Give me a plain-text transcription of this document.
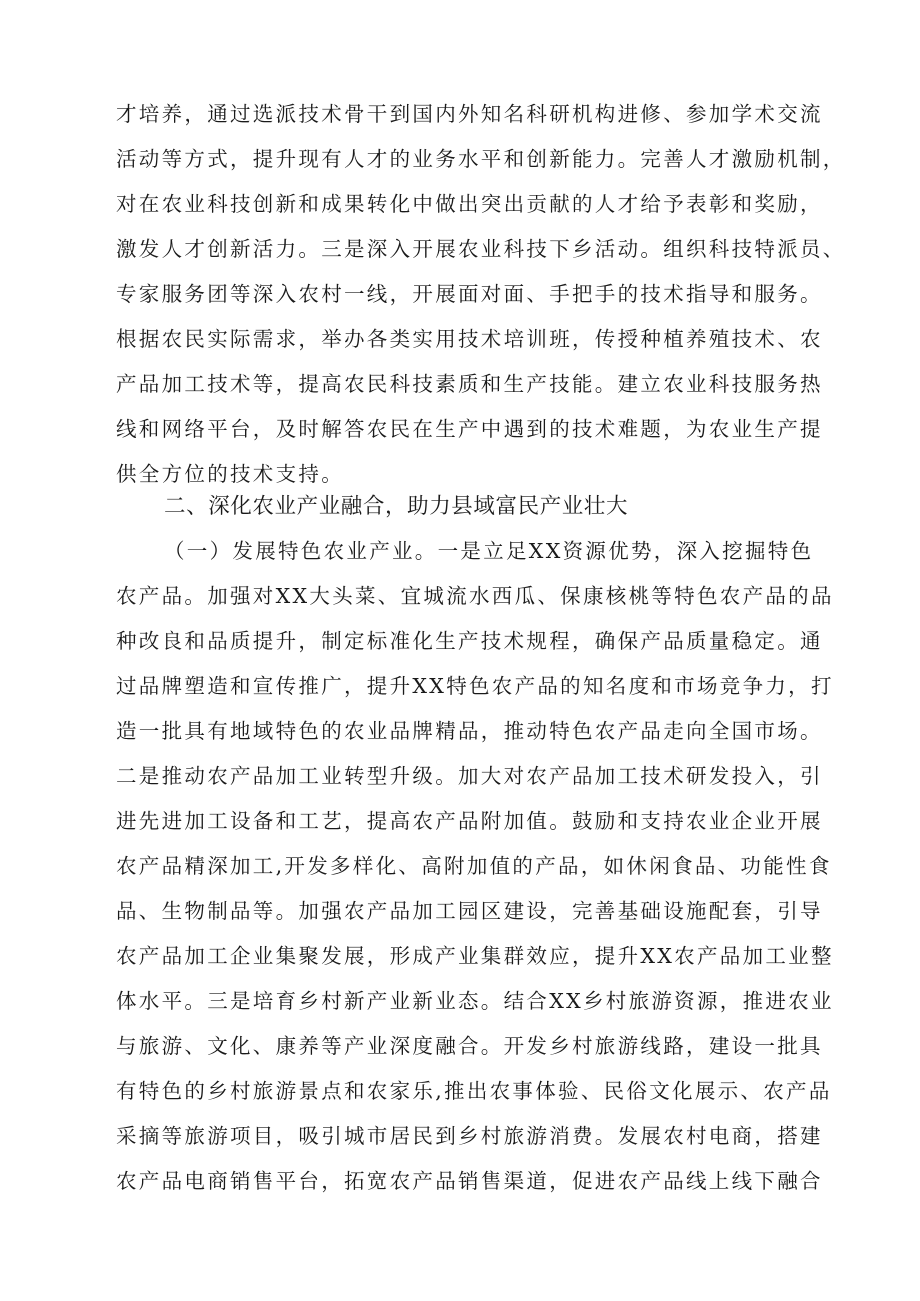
才培养，通过选派技术骨干到国内外知名科研机构进修、参加学术交流
活动等方式，提升现有人才的业务水平和创新能力。完善人才激励机制，
对在农业科技创新和成果转化中做出突出贡献的人才给予表彰和奖励，
激发人才创新活力。三是深入开展农业科技下乡活动。组织科技特派员、
专家服务团等深入农村一线，开展面对面、手把手的技术指导和服务。
根据农民实际需求，举办各类实用技术培训班，传授种植养殖技术、农
产品加工技术等，提高农民科技素质和生产技能。建立农业科技服务热
线和网络平台，及时解答农民在生产中遇到的技术难题，为农业生产提
供全方位的技术支持。
二、深化农业产业融合，助力县域富民产业壮大
（一）发展特色农业产业。一是立足XX资源优势，深入挖掘特色
农产品。加强对XX大头菜、宜城流水西瓜、保康核桃等特色农产品的品
种改良和品质提升，制定标准化生产技术规程，确保产品质量稳定。通
过品牌塑造和宣传推广，提升XX特色农产品的知名度和市场竞争力，打
造一批具有地域特色的农业品牌精品，推动特色农产品走向全国市场。
二是推动农产品加工业转型升级。加大对农产品加工技术研发投入，引
进先进加工设备和工艺，提高农产品附加值。鼓励和支持农业企业开展
农产品精深加工,开发多样化、高附加值的产品，如休闲食品、功能性食
品、生物制品等。加强农产品加工园区建设，完善基础设施配套，引导
农产品加工企业集聚发展，形成产业集群效应，提升XX农产品加工业整
体水平。三是培育乡村新产业新业态。结合XX乡村旅游资源，推进农业
与旅游、文化、康养等产业深度融合。开发乡村旅游线路，建设一批具
有特色的乡村旅游景点和农家乐,推出农事体验、民俗文化展示、农产品
采摘等旅游项目，吸引城市居民到乡村旅游消费。发展农村电商，搭建
农产品电商销售平台，拓宽农产品销售渠道，促进农产品线上线下融合
